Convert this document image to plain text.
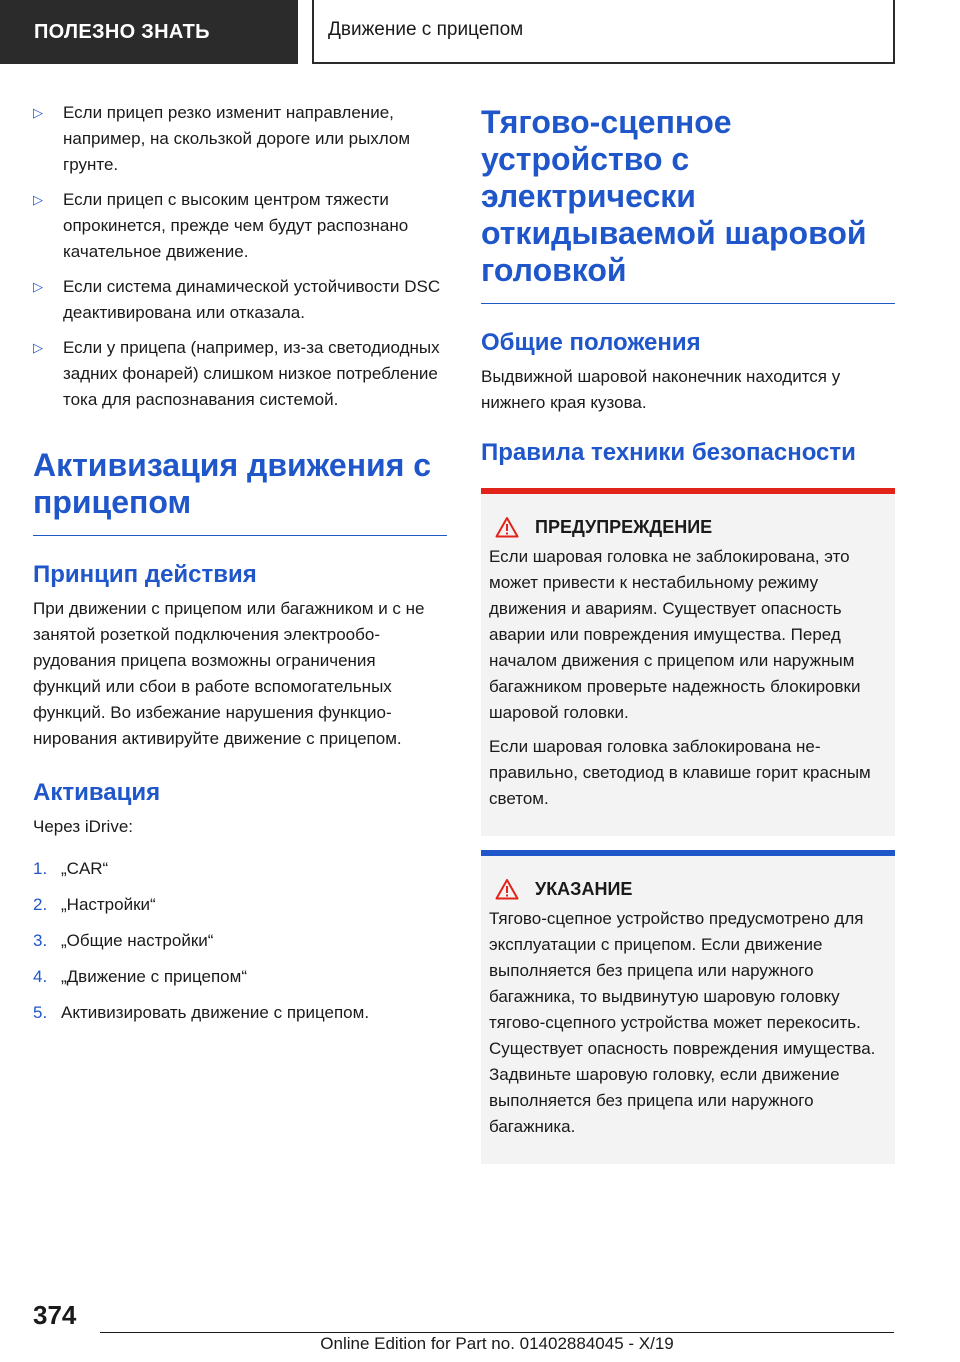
ПОЛЕЗНО ЗНАТЬ	Движение с прицепом
▷ Если прицеп резко изменит направление, например, на скользкой дороге или рыхлом грунте.
▷ Если прицеп с высоким центром тяжести опрокинется, прежде чем будут распознано качательное движение.
▷ Если система динамической устойчивости DSC деактивирована или отказала.
▷ Если у прицепа (например, из-за светодиодных задних фонарей) слишком низкое потребление тока для распознавания системой.
Активизация движения с прицепом
Принцип действия

При движении с прицепом или багажником и с не занятой розеткой подключения электрооборудования прицепа возможны ограничения функций или сбои в работе вспомогательных функций. Во избежание нарушения функционирования активируйте движение с прицепом.

Активация

Через iDrive:

1. „CAR“
2. „Настройки“
3. „Общие настройки“
4. „Движение с прицепом“
5. Активизировать движение с прицепом.
Тягово-сцепное устройство с электрически откидываемой шаровой головкой
Общие положения

Выдвижной шаровой наконечник находится у нижнего края кузова.

Правила техники безопасности
ПРЕДУПРЕЖДЕНИЕ

Если шаровая головка не заблокирована, это может привести к нестабильному режиму движения и авариям. Существует опасность аварии или повреждения имущества. Перед началом движения с прицепом или наружным багажником проверьте надежность блокировки шаровой головки.

Если шаровая головка заблокирована неправильно, светодиод в клавише горит красным светом.

УКАЗАНИЕ

Тягово-сцепное устройство предусмотрено для эксплуатации с прицепом. Если движение выполняется без прицепа или наружного багажника, то выдвинутую шаровую головку тягово-сцепного устройства может перекосить. Существует опасность повреждения имущества. Задвиньте шаровую головку, если движение выполняется без прицепа или наружного багажника.

374
Online Edition for Part no. 01402884045 - X/19
